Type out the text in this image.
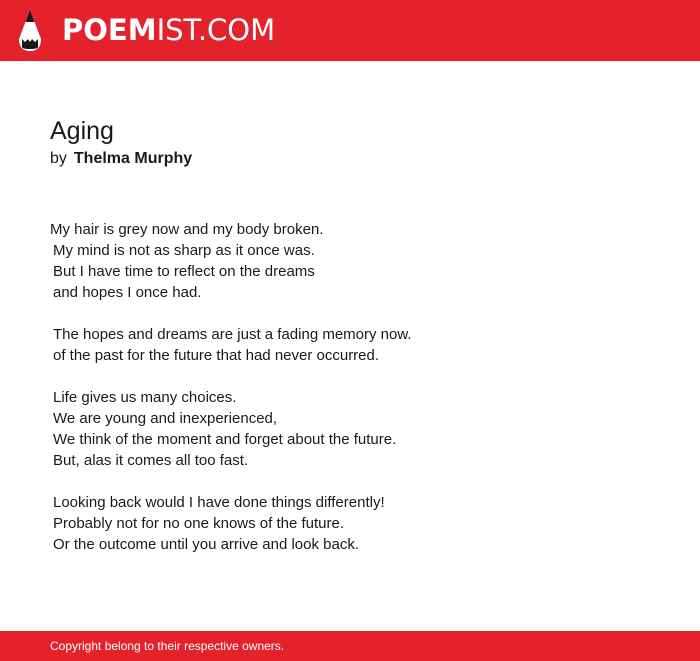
POEMIST.COM
Aging
by Thelma Murphy
My hair is grey now and my body broken.
My mind is not as sharp as it once was.
But I have time to reflect on the dreams
and hopes I once had.
The hopes and dreams are just a fading memory now.
of the past for the future that had never occurred.
Life gives us many choices.
We are young and inexperienced,
We think of the moment and forget about the future.
But, alas it comes all too fast.
Looking back would I have done things differently!
Probably not for no one knows of the future.
Or the outcome until you arrive and look back.
Copyright belong to their respective owners.
